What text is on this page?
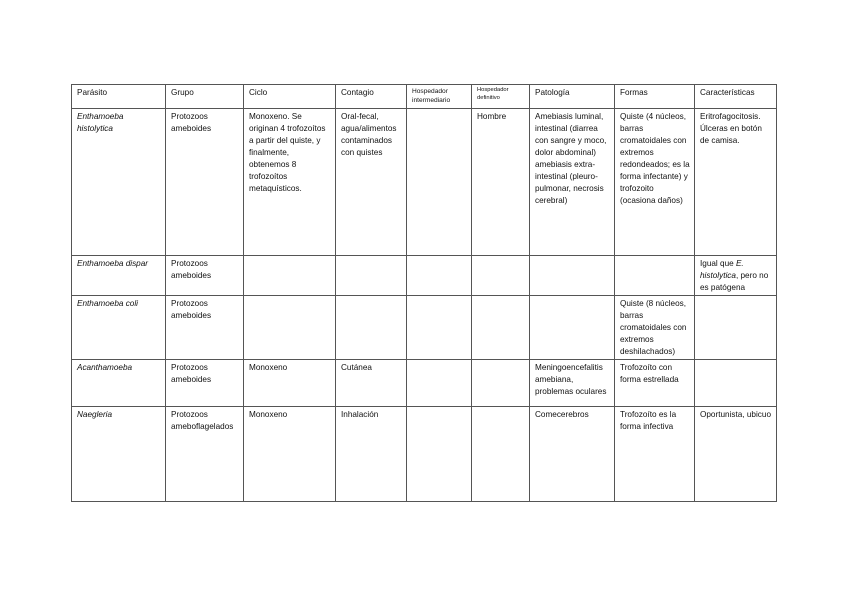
Parásito	Grupo	Ciclo	Contagio	Hospedador intermediario	Hospedador definitivo	Patología	Formas	Características
Enthamoeba histolytica	Protozoos ameboides	Monoxeno. Se originan 4 trofozoítos a partir del quiste, y finalmente, obtenemos 8 trofozoítos metaquísticos.	Oral-fecal, agua/alimentos contaminados con quistes		Hombre	Amebiasis luminal, intestinal (diarrea con sangre y moco, dolor abdominal) amebiasis extra-intestinal (pleuro-pulmonar, necrosis cerebral)	Quiste (4 núcleos, barras cromatoidales con extremos redondeados; es la forma infectante) y trofozoito (ocasiona daños)	Eritrofagocitosis. Úlceras en botón de camisa.
Enthamoeba dispar	Protozoos ameboides							Igual que E. histolytica, pero no es patógena
Enthamoeba coli	Protozoos ameboides						Quiste (8 núcleos, barras cromatoidales con extremos deshilachados)	
Acanthamoeba	Protozoos ameboides	Monoxeno	Cutánea			Meningoencefalitis amebiana, problemas oculares	Trofozoíto con forma estrellada	
Naegleria	Protozoos ameboflagelados	Monoxeno	Inhalación			Comecerebros	Trofozoíto es la forma infectiva	Oportunista, ubicuo
